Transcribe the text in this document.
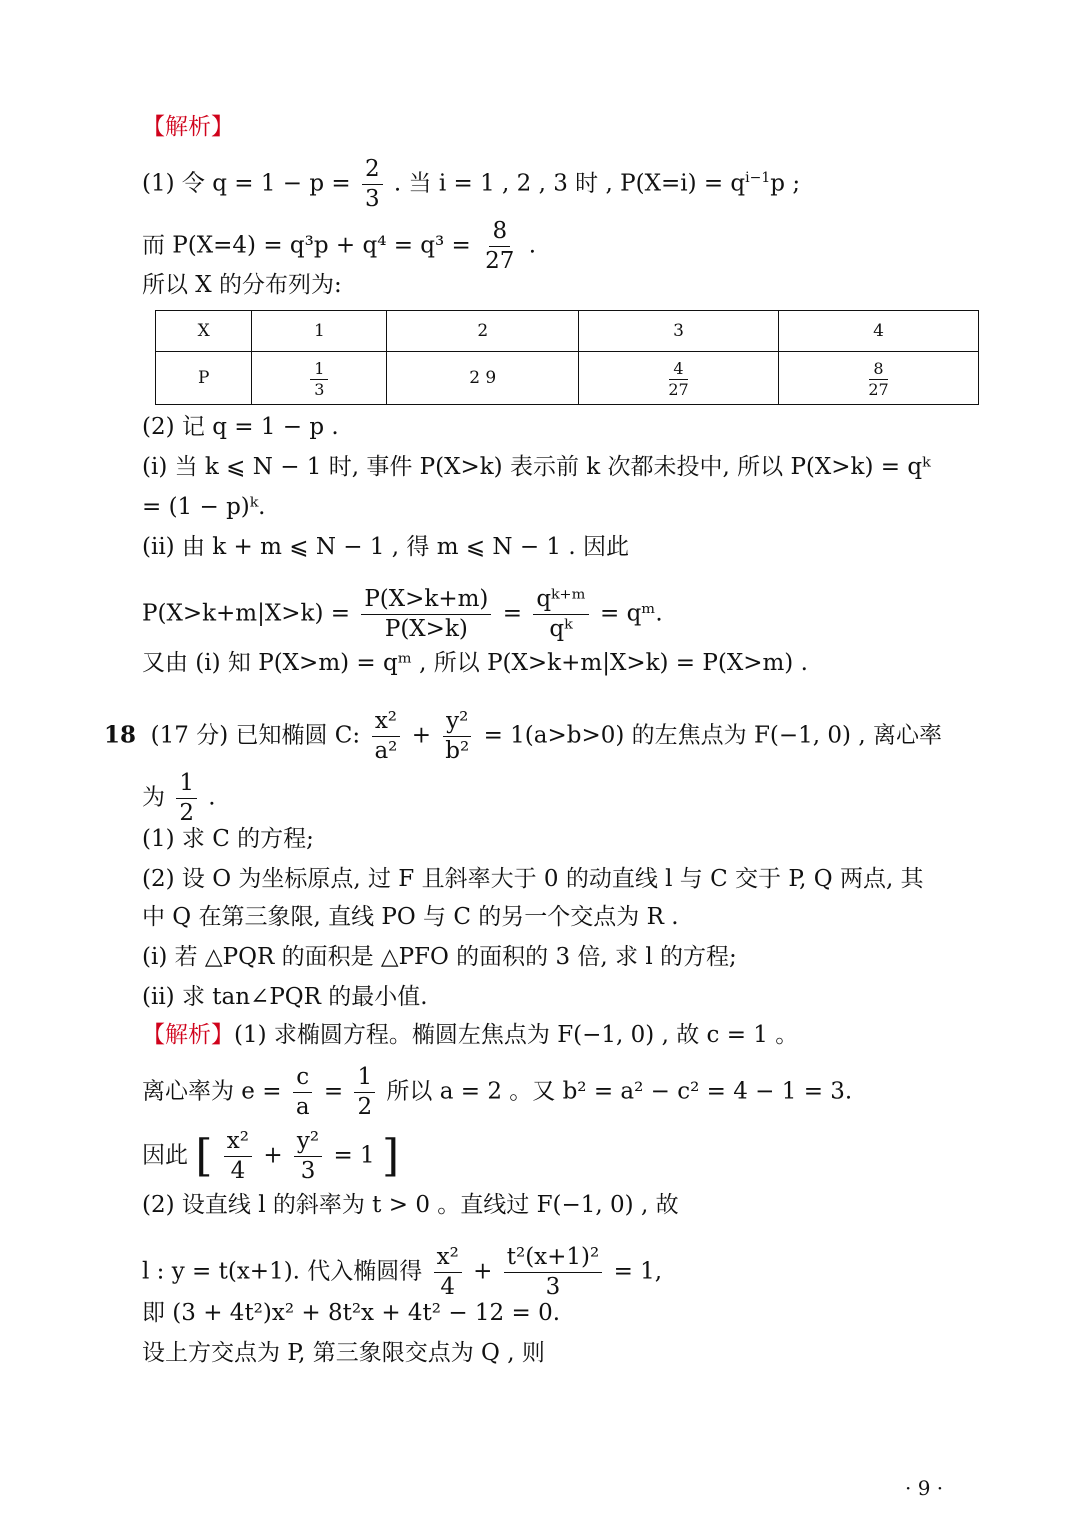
【解析】
(1) 令 $q = 1 - p = \frac{2}{3}$ . 当 i = 1 , 2 , 3 时 , $P(X=i) = q^{i-1}p$ ;
而 $P(X=4) = q^3p + q^4 = q^3 = \frac{8}{27}$ .
所以 X 的分布列为:
X	1	2	3	4
P	$\frac{1}{3}$	2 9	$\frac{4}{27}$	$\frac{8}{27}$
(2) 记 q = 1 − p .
(i) 当 k ⩽ N − 1 时, 事件 P(X>k) 表示前 k 次都未投中, 所以 P(X>k) = qᵏ
= (1 − p)ᵏ.
(ii) 由 k + m ⩽ N − 1 , 得 m ⩽ N − 1 . 因此
$P(X>k+m|X>k) = \frac{P(X>k+m)}{P(X>k)} = \frac{\text{qᵏ⁺ᵐ}}{\text{qᵏ}}$ = qᵐ.
又由 (i) 知 P(X>m) = qᵐ , 所以 P(X>k+m|X>k) = P(X>m) .
18 (17 分) 已知椭圆 C: $\frac{\text{x²}}{\text{a²}} + \frac{\text{y²}}{\text{b²}} = 1(a>b>0)$ 的左焦点为 F(−1, 0) , 离心率
为 $\frac{1}{2}$ .
(1) 求 C 的方程;
(2) 设 O 为坐标原点, 过 F 且斜率大于 0 的动直线 l 与 C 交于 P, Q 两点, 其
中 Q 在第三象限, 直线 PO 与 C 的另一个交点为 R .
(i) 若 △PQR 的面积是 △PFO 的面积的 3 倍, 求 l 的方程;
(ii) 求 tan∠PQR 的最小值.
【解析】(1) 求椭圆方程。椭圆左焦点为 F(−1, 0) , 故 c = 1 。
离心率为 $e = \frac{c}{a} = \frac{1}{2}$ 所以 a = 2 。又 b² = a² − c² = 4 − 1 = 3.
因此 [ $\frac{\text{x²}}{4} + \frac{\text{y²}}{3} = 1$ ]
(2) 设直线 l 的斜率为 t > 0 。直线过 F(−1, 0) , 故
l : y = t(x+1). 代入椭圆得 $\frac{\text{x²}}{4} + \frac{\text{t²(x+1)²}}{3} = 1$,
即 (3 + 4t²)x² + 8t²x + 4t² − 12 = 0.
设上方交点为 P, 第三象限交点为 Q , 则
· 9 ·
